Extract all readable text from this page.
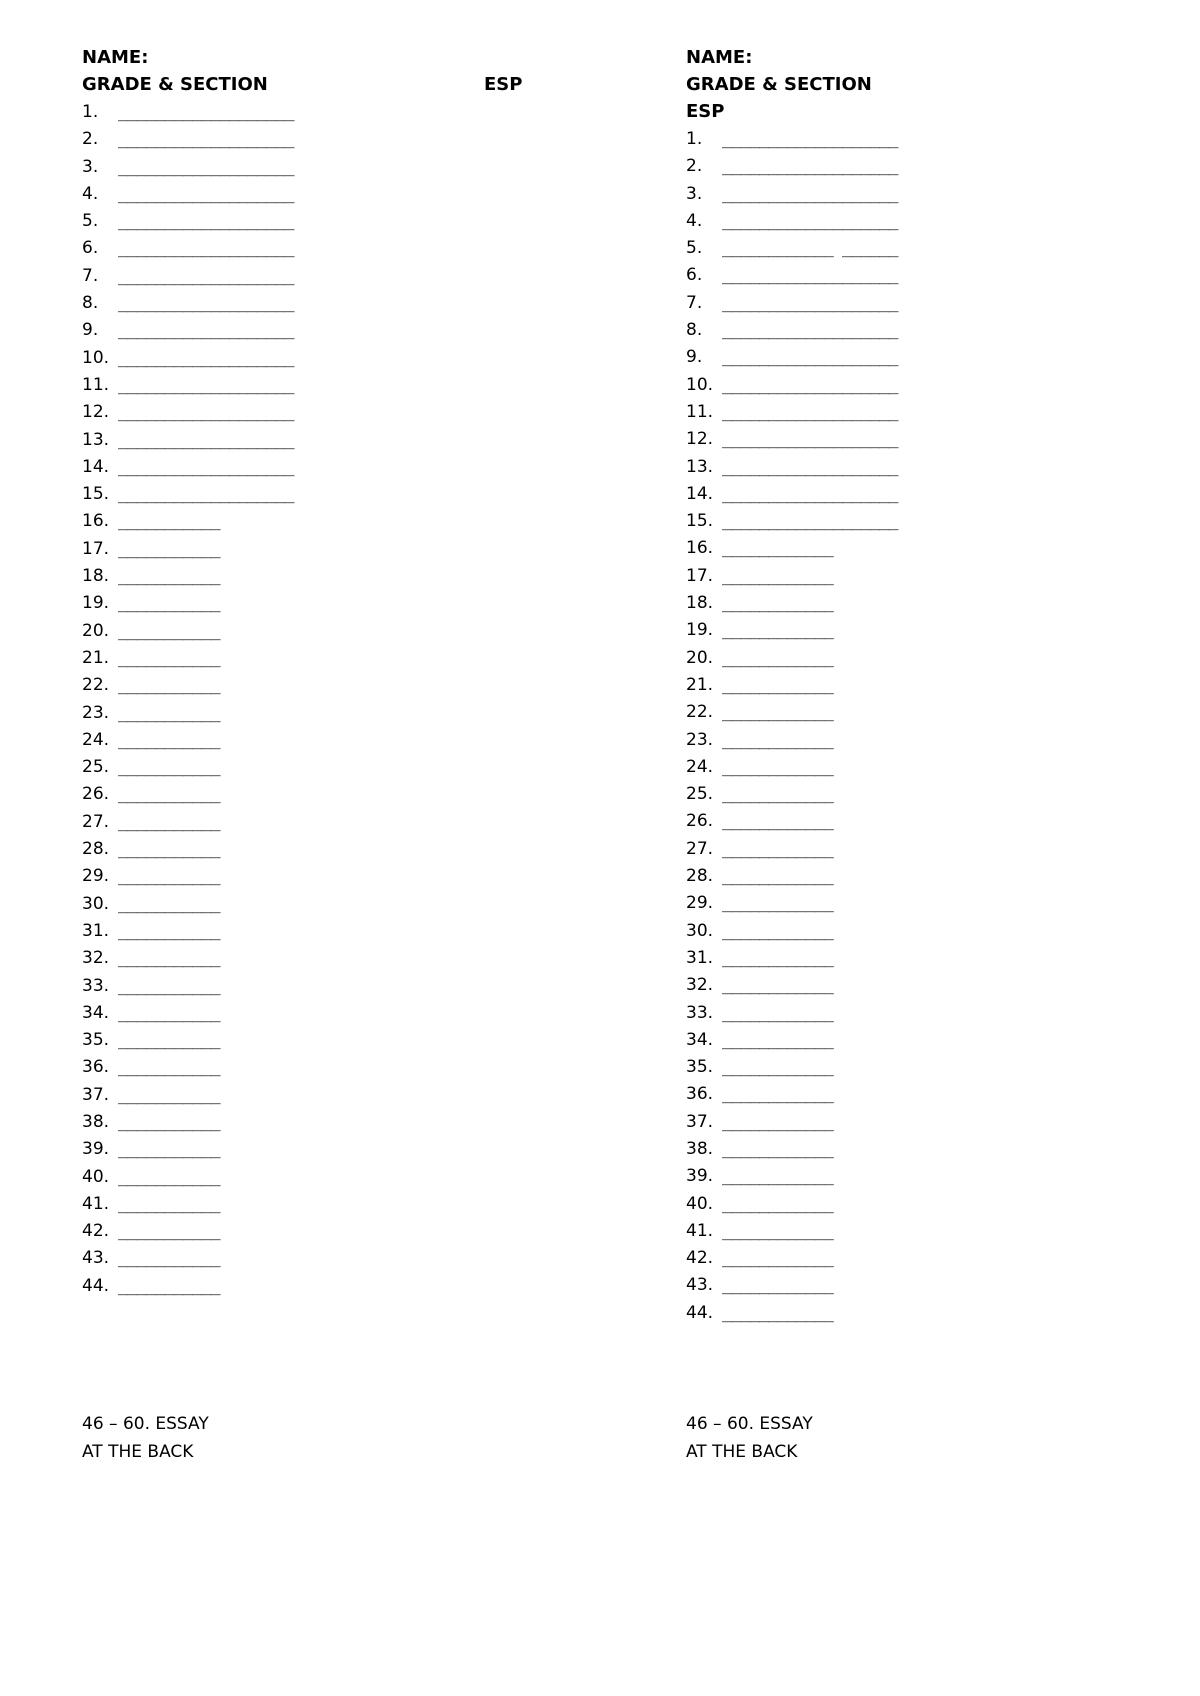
NAME:
GRADE & SECTION	ESP
1. ___________________
2. ___________________
3. ___________________
4. ___________________
5. ___________________
6. ___________________
7. ___________________
8. ___________________
9. ___________________
10. ___________________
11. ___________________
12. ___________________
13. ___________________
14. ___________________
15. ___________________
16. ___________
17. ___________
18. ___________
19. ___________
20. ___________
21. ___________
22. ___________
23. ___________
24. ___________
25. ___________
26. ___________
27. ___________
28. ___________
29. ___________
30. ___________
31. ___________
32. ___________
33. ___________
34. ___________
35. ___________
36. ___________
37. ___________
38. ___________
39. ___________
40. ___________
41. ___________
42. ___________
43. ___________
44. ___________
NAME:
GRADE & SECTION
ESP
1. ___________________
2. ___________________
3. ___________________
4. ___________________
5. ____________ ______
6. ___________________
7. ___________________
8. ___________________
9. ___________________
10. ___________________
11. ___________________
12. ___________________
13. ___________________
14. ___________________
15. ___________________
16. ____________
17. ____________
18. ____________
19. ____________
20. ____________
21. ____________
22. ____________
23. ____________
24. ____________
25. ____________
26. ____________
27. ____________
28. ____________
29. ____________
30. ____________
31. ____________
32. ____________
33. ____________
34. ____________
35. ____________
36. ____________
37. ____________
38. ____________
39. ____________
40. ____________
41. ____________
42. ____________
43. ____________
44. ____________
46 – 60. ESSAY
AT THE BACK
46 – 60. ESSAY
AT THE BACK
